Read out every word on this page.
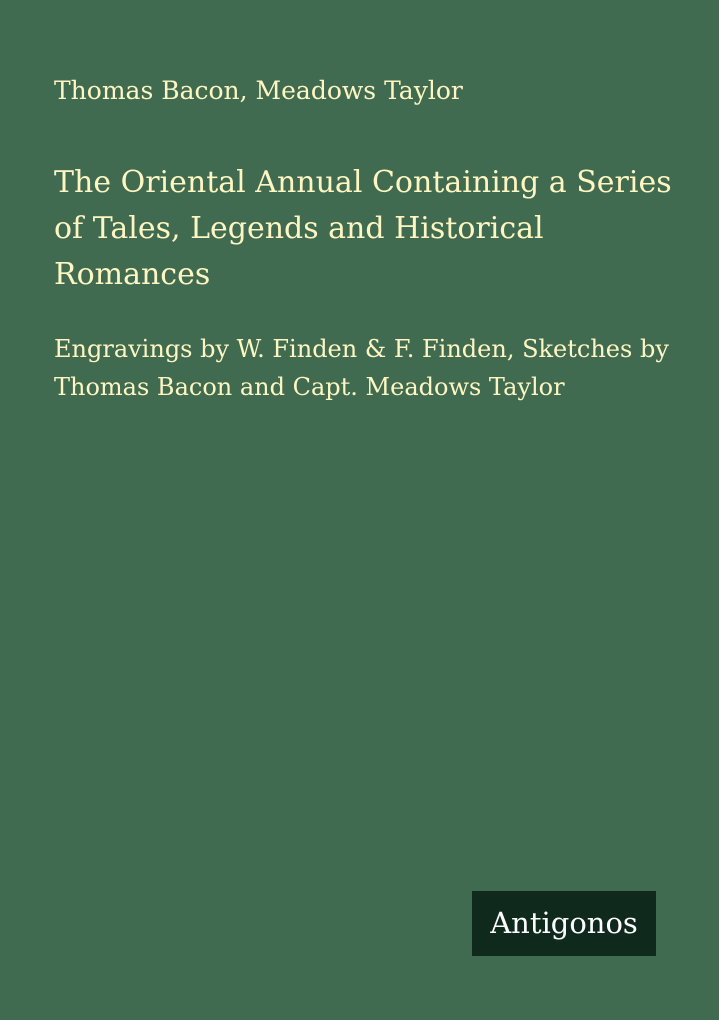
Thomas Bacon, Meadows Taylor
The Oriental Annual Containing a Series of Tales, Legends and Historical Romances
Engravings by W. Finden & F. Finden, Sketches by Thomas Bacon and Capt. Meadows Taylor
Antigonos
